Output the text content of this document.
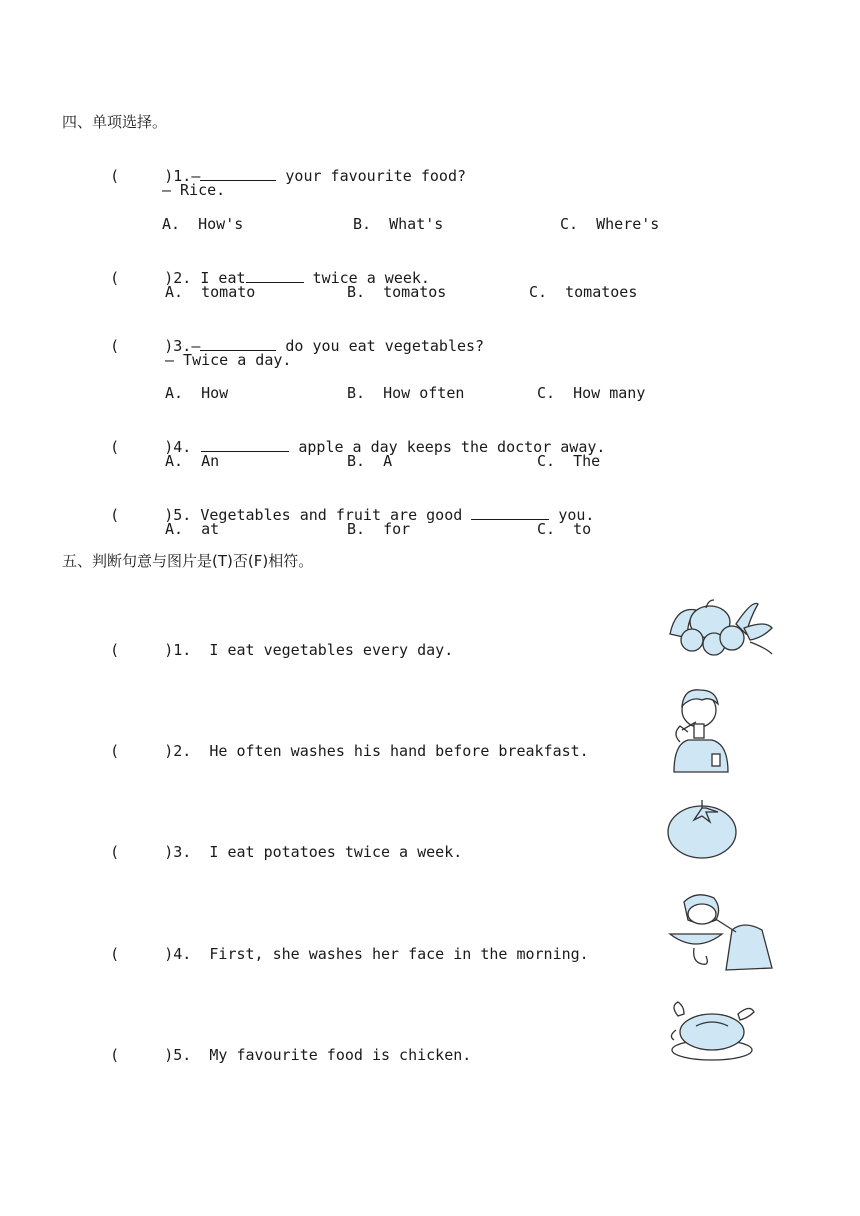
四、单项选择。

(     )1.—	your favourite food?

— Rice.
A.  How's	B.  What's	C.  Where's

(     )2. I eat	twice a week.

A.  tomato	B.  tomatos	C.  tomatoes

(     )3.—	do you eat vegetables?

— Twice a day.
A.  How	B.  How often	C.  How many

(     )4.	apple a day keeps the doctor away.

A.  An	B.  A	C.  The

(     )5. Vegetables and fruit are good	you.

A.  at	B.  for	C.  to
五、判断句意与图片是(T)否(F)相符。

(     )1.  I eat vegetables every day.

(     )2.  He often washes his hand before breakfast.

(     )3.  I eat potatoes twice a week.

(     )4.  First, she washes her face in the morning.

(     )5.  My favourite food is chicken.
